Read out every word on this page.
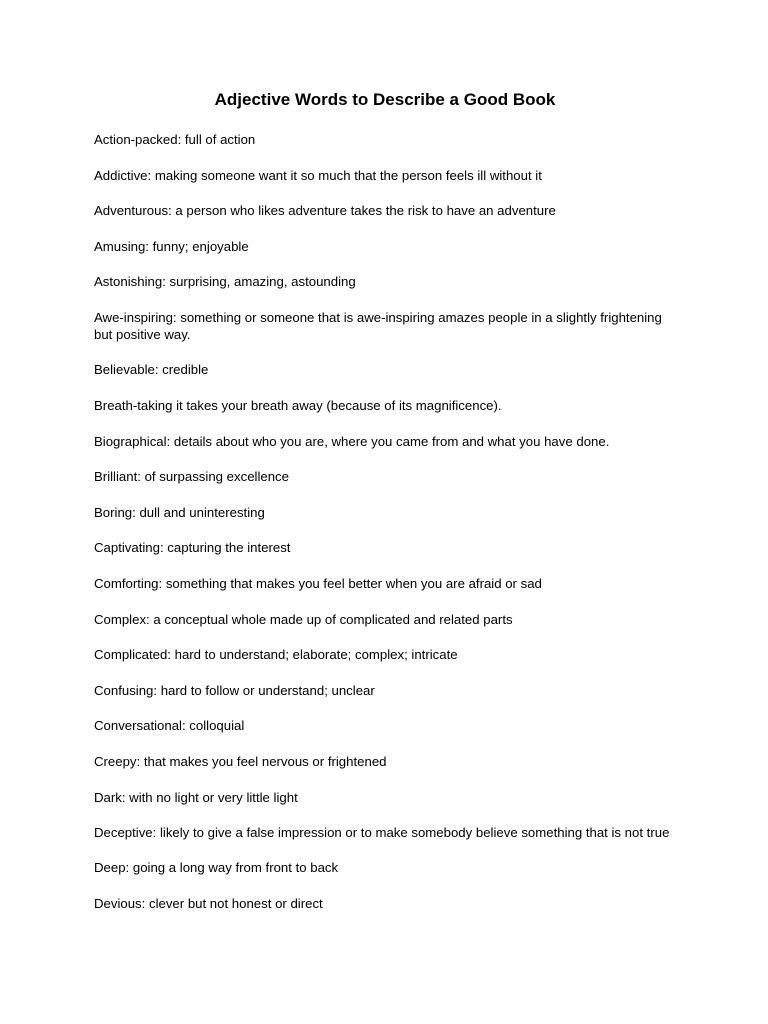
Adjective Words to Describe a Good Book

Action-packed: full of action

Addictive: making someone want it so much that the person feels ill without it

Adventurous: a person who likes adventure takes the risk to have an adventure

Amusing: funny; enjoyable

Astonishing: surprising, amazing, astounding

Awe-inspiring: something or someone that is awe-inspiring amazes people in a slightly frightening but positive way.

Believable: credible

Breath-taking it takes your breath away (because of its magnificence).

Biographical: details about who you are, where you came from and what you have done.

Brilliant: of surpassing excellence

Boring: dull and uninteresting

Captivating: capturing the interest

Comforting: something that makes you feel better when you are afraid or sad

Complex: a conceptual whole made up of complicated and related parts

Complicated: hard to understand; elaborate; complex; intricate

Confusing: hard to follow or understand; unclear

Conversational: colloquial

Creepy: that makes you feel nervous or frightened

Dark: with no light or very little light

Deceptive: likely to give a false impression or to make somebody believe something that is not true

Deep: going a long way from front to back

Devious: clever but not honest or direct
